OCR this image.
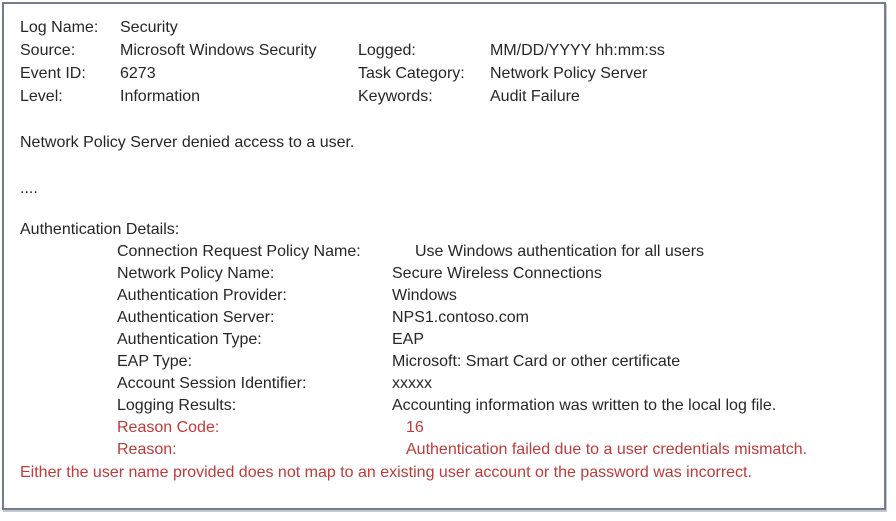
Log Name:	Security
Source:	Microsoft Windows Security	Logged:	MM/DD/YYYY hh:mm:ss
Event ID:	6273	Task Category:	Network Policy Server
Level:	Information	Keywords:	Audit Failure

Network Policy Server denied access to a user.

....

Authentication Details:

Connection Request Policy Name:	Use Windows authentication for all users
Network Policy Name:	Secure Wireless Connections
Authentication Provider:	Windows
Authentication Server:	NPS1.contoso.com
Authentication Type:	EAP
EAP Type:	Microsoft: Smart Card or other certificate
Account Session Identifier:	xxxxx
Logging Results:	Accounting information was written to the local log file.
Reason Code:	16
Reason:	Authentication failed due to a user credentials mismatch.

Either the user name provided does not map to an existing user account or the password was incorrect.
